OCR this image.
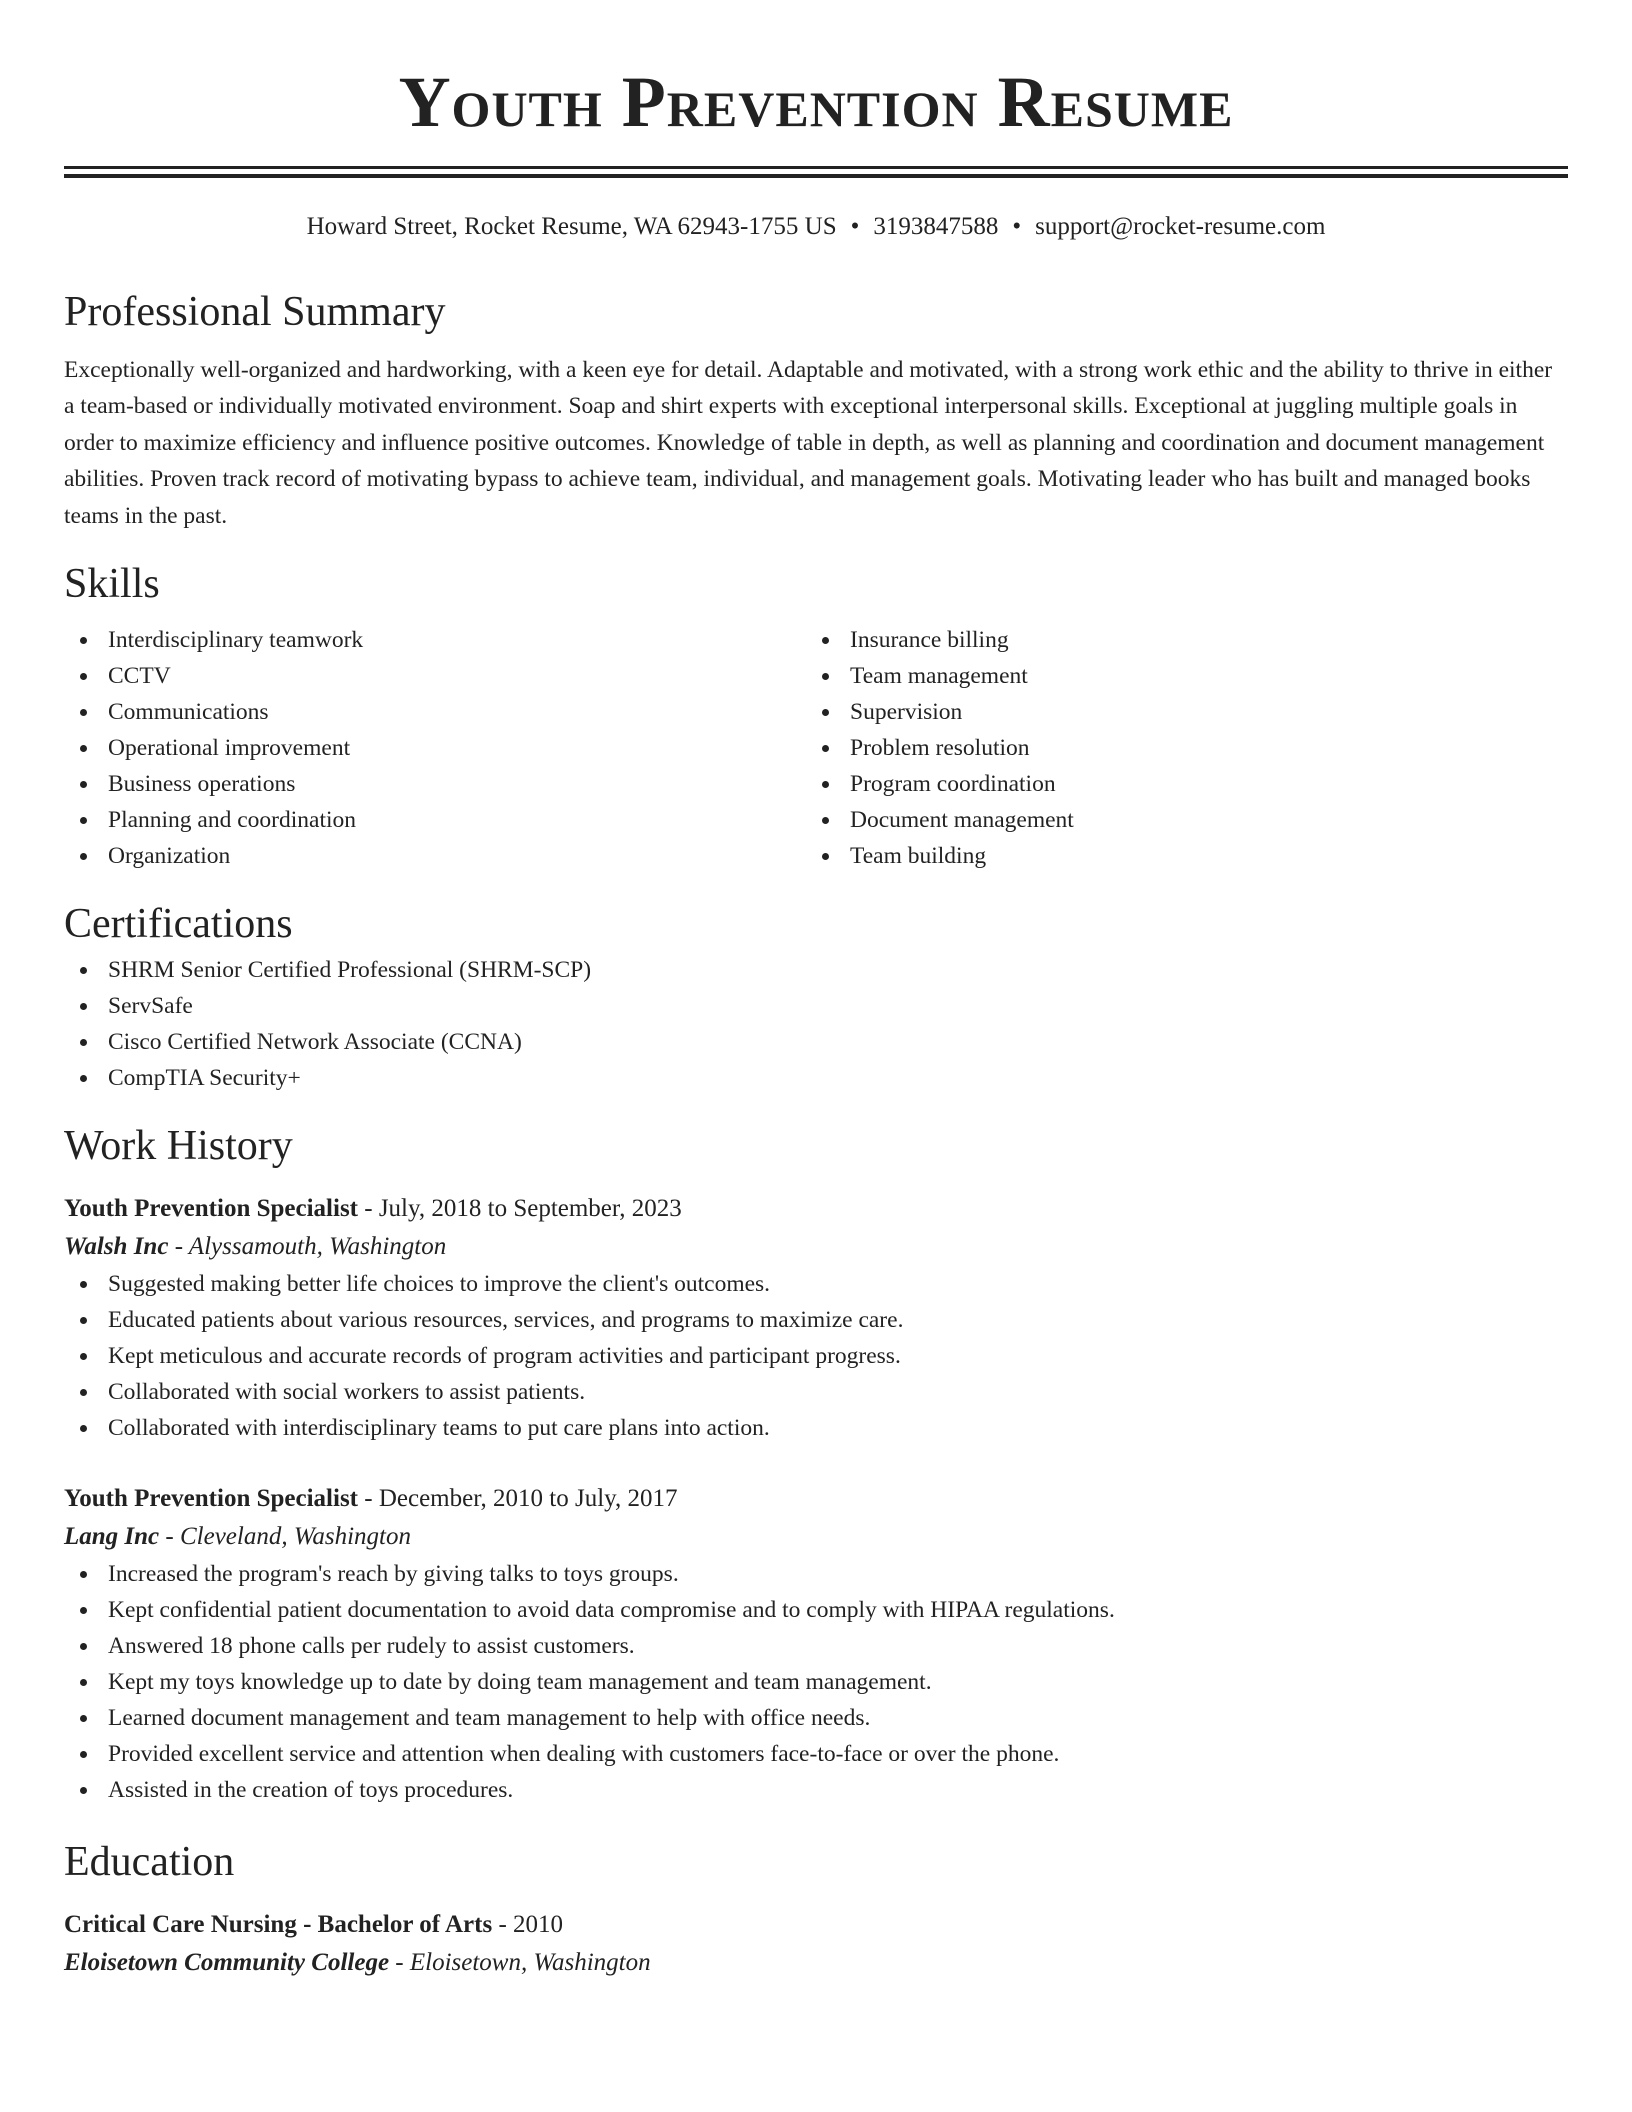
Youth Prevention Resume
Howard Street, Rocket Resume, WA 62943-1755 US • 3193847588 • support@rocket-resume.com
Professional Summary

Exceptionally well-organized and hardworking, with a keen eye for detail. Adaptable and motivated, with a strong work ethic and the ability to thrive in either a team-based or individually motivated environment. Soap and shirt experts with exceptional interpersonal skills. Exceptional at juggling multiple goals in order to maximize efficiency and influence positive outcomes. Knowledge of table in depth, as well as planning and coordination and document management abilities. Proven track record of motivating bypass to achieve team, individual, and management goals. Motivating leader who has built and managed books teams in the past.

Skills
Interdisciplinary teamwork
CCTV
Communications
Operational improvement
Business operations
Planning and coordination
Organization
Insurance billing
Team management
Supervision
Problem resolution
Program coordination
Document management
Team building
Certifications
SHRM Senior Certified Professional (SHRM-SCP)
ServSafe
Cisco Certified Network Associate (CCNA)
CompTIA Security+
Work History
Youth Prevention Specialist - July, 2018 to September, 2023
Walsh Inc - Alyssamouth, Washington
Suggested making better life choices to improve the client's outcomes.
Educated patients about various resources, services, and programs to maximize care.
Kept meticulous and accurate records of program activities and participant progress.
Collaborated with social workers to assist patients.
Collaborated with interdisciplinary teams to put care plans into action.
Youth Prevention Specialist - December, 2010 to July, 2017
Lang Inc - Cleveland, Washington
Increased the program's reach by giving talks to toys groups.
Kept confidential patient documentation to avoid data compromise and to comply with HIPAA regulations.
Answered 18 phone calls per rudely to assist customers.
Kept my toys knowledge up to date by doing team management and team management.
Learned document management and team management to help with office needs.
Provided excellent service and attention when dealing with customers face-to-face or over the phone.
Assisted in the creation of toys procedures.
Education
Critical Care Nursing - Bachelor of Arts - 2010
Eloisetown Community College - Eloisetown, Washington
